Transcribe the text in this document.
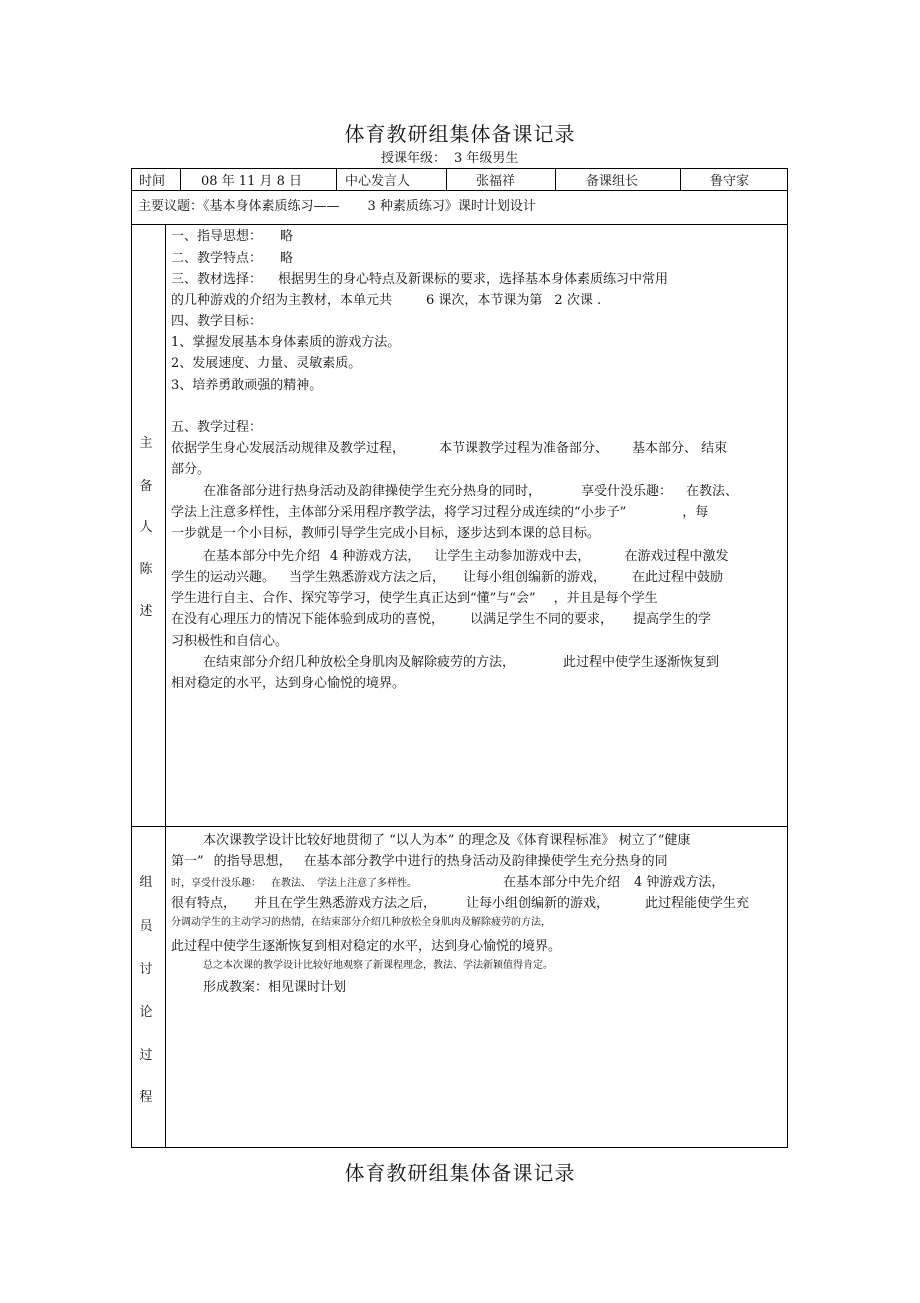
体育教研组集体备课记录
授课年级： 3 年级男生
时间	08 年 11 月 8 日	中心发言人	张福祥	备课组长	鲁守家
主要议题：《基本身体素质练习—— 3 种素质练习》课时计划设计
主
备
人
陈
述
一、指导思想： 略
二、教学特点： 略
三、教材选择： 根据男生的身心特点及新课标的要求，选择基本身体素质练习中常用
的几种游戏的介绍为主教材，本单元共	6 课次，本节课为第 2 次课 .
四、教学目标：
1、掌握发展基本身体素质的游戏方法。
2、发展速度、力量、灵敏素质。
3、培养勇敢顽强的精神。
五、教学过程：
依据学生身心发展活动规律及教学过程，	本节课教学过程为准备部分、 基本部分、 结束
部分。
在准备部分进行热身活动及韵律操使学生充分热身的同时，	享受什没乐趣： 在教法、
学法上注意多样性，主体部分采用程序教学法，将学习过程分成连续的“小步子”	，每
一步就是一个小目标，教师引导学生完成小目标，逐步达到本课的总目标。
在基本部分中先介绍 4 种游戏方法， 让学生主动参加游戏中去，	在游戏过程中激发
学生的运动兴趣。 当学生熟悉游戏方法之后， 让每小组创编新的游戏， 在此过程中鼓励
学生进行自主、合作、探究等学习，使学生真正达到“懂”与“会” ，并且是每个学生
在没有心理压力的情况下能体验到成功的喜悦， 以满足学生不同的要求， 提高学生的学
习积极性和自信心。
在结束部分介绍几种放松全身肌肉及解除疲劳的方法，	此过程中使学生逐渐恢复到
相对稳定的水平，达到身心愉悦的境界。
组
员
讨
论
过
程
本次课教学设计比较好地贯彻了 “以人为本” 的理念及《体育课程标准》 树立了“健康
第一” 的指导思想， 在基本部分教学中进行的热身活动及韵律操使学生充分热身的同
时，享受什没乐趣： 在教法、 学法上注意了多样性。	在基本部分中先介绍 4 钟游戏方法，
很有特点， 并且在学生熟悉游戏方法之后， 让每小组创编新的游戏，	此过程能使学生充
分调动学生的主动学习的热情，在结束部分介绍几种放松全身肌肉及解除疲劳的方法，
此过程中使学生逐渐恢复到相对稳定的水平，达到身心愉悦的境界。
总之本次课的教学设计比较好地观察了新课程理念，教法、学法新颖值得肯定。
形成教案：相见课时计划
体育教研组集体备课记录
